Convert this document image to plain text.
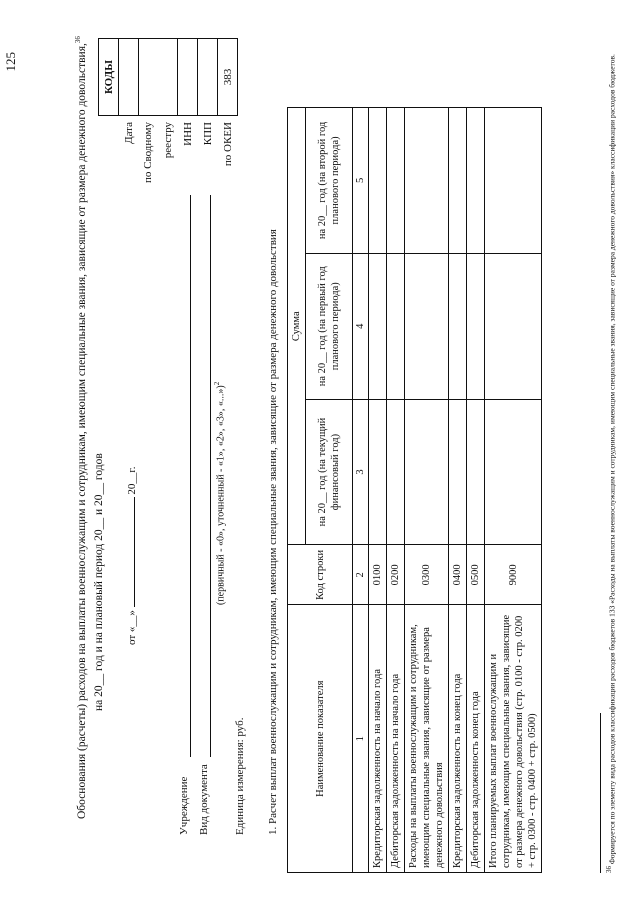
125	Обоснования (расчеты) расходов на выплаты военнослужащим и сотрудникам, имеющим специальные звания, зависящие от размера денежного довольствия,$^{36}$
на 20__ год и на плановый период 20__ и 20__ годов от «__»  20__г.
	КОДЫ
Дата	
по Сводному	
реестру	
ИНН	
КПП	
по ОКЕИ	383
Учреждение Вид документа
(первичный - «0», уточненный - «1», «2», «3», «...»)$^2$
Единица измерения: руб. 1. Расчет выплат военнослужащим и сотрудникам, имеющим специальные звания, зависящие от размера денежного довольствия	Наименование показателя	Код строки	Сумма		
		на 20__ год (на текущий финансовый год)	на 20__ год (на первый год планового периода)	на 20__ год (на второй год планового периода)
1	2	3	4	5
Кредиторская задолженность на начало года	0100			
Дебиторская задолженность на начало года	0200			
Расходы на выплаты военнослужащим и сотрудникам, имеющим специальные звания, зависящие от размера денежного довольствия	0300			
Кредиторская задолженность на конец года	0400			
Дебиторская задолженность конец года	0500			
Итого планируемых выплат военнослужащим и сотрудникам, имеющим специальные звания, зависящие от размера денежного довольствия (стр. 0100 - стр. 0200 + стр. 0300 - стр. 0400 + стр. 0500)	9000			
36 Формируется по элементу вида расходов классификации расходов бюджетов 133 «Расходы на выплаты военнослужащим и сотрудникам, имеющим специальные звания, зависящие от размера денежного довольствия» классификации расходов бюджетов.
